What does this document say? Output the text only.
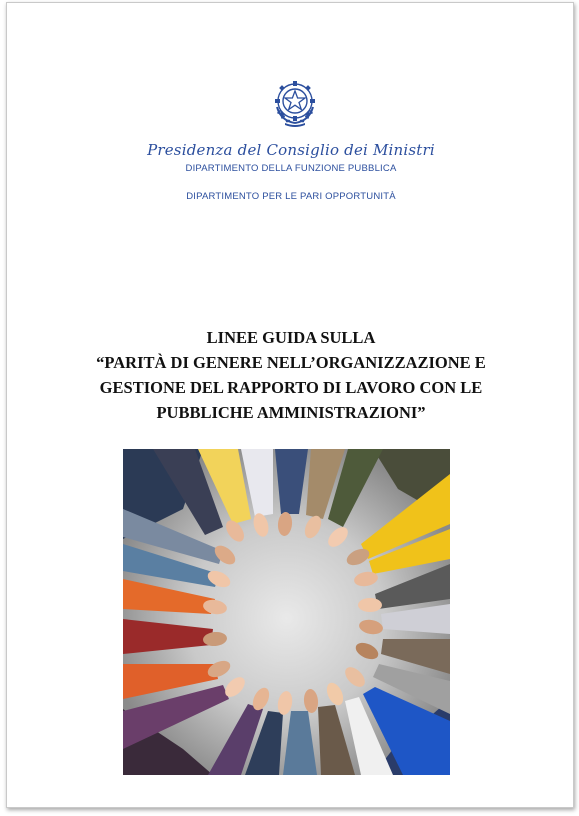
Presidenza del Consiglio dei Ministri
DIPARTIMENTO DELLA FUNZIONE PUBBLICA
DIPARTIMENTO PER LE PARI OPPORTUNITÀ
LINEE GUIDA SULLA
“PARITÀ DI GENERE NELL’ORGANIZZAZIONE E
GESTIONE DEL RAPPORTO DI LAVORO CON LE
PUBBLICHE AMMINISTRAZIONI”
